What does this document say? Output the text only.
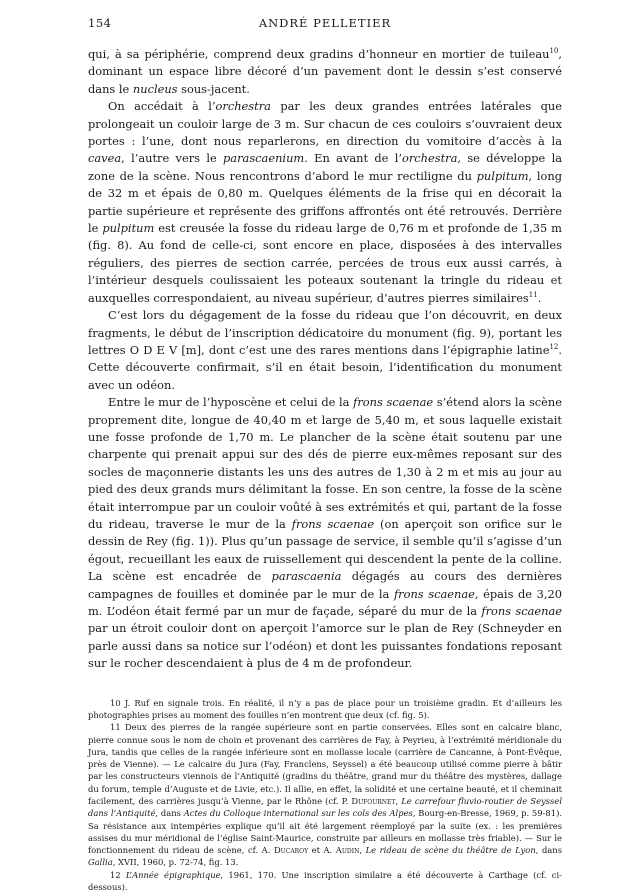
154	ANDRÉ PELLETIER

qui, à sa périphérie, comprend deux gradins d’honneur en mortier de tuileau$^{10}$, dominant un espace libre décoré d’un pavement dont le dessin s’est conservé dans le nucleus sous-jacent.

On accédait à l’orchestra par les deux grandes entrées latérales que prolongeait un couloir large de 3 m. Sur chacun de ces couloirs s’ouvraient deux portes : l’une, dont nous reparlerons, en direction du vomitoire d’accès à la cavea, l’autre vers le parascaenium. En avant de l’orchestra, se développe la zone de la scène. Nous rencontrons d’abord le mur rectiligne du pulpitum, long de 32 m et épais de 0,80 m. Quelques éléments de la frise qui en décorait la partie supérieure et représente des griffons affrontés ont été retrouvés. Derrière le pulpitum est creusée la fosse du rideau large de 0,76 m et profonde de 1,35 m (fig. 8). Au fond de celle-ci, sont encore en place, disposées à des intervalles réguliers, des pierres de section carrée, percées de trous eux aussi carrés, à l’intérieur desquels coulissaient les poteaux soutenant la tringle du rideau et auxquelles correspondaient, au niveau supérieur, d’autres pierres similaires$^{11}$.

C’est lors du dégagement de la fosse du rideau que l’on découvrit, en deux fragments, le début de l’inscription dédicatoire du monument (fig. 9), portant les lettres O D E V [m], dont c’est une des rares mentions dans l’épigraphie latine$^{12}$. Cette découverte confirmait, s’il en était besoin, l’identification du monument avec un odéon.

Entre le mur de l’hyposcène et celui de la frons scaenae s’étend alors la scène proprement dite, longue de 40,40 m et large de 5,40 m, et sous laquelle existait une fosse profonde de 1,70 m. Le plancher de la scène était soutenu par une charpente qui prenait appui sur des dés de pierre eux-mêmes reposant sur des socles de maçonnerie distants les uns des autres de 1,30 à 2 m et mis au jour au pied des deux grands murs délimitant la fosse. En son centre, la fosse de la scène était interrompue par un couloir voûté à ses extrémités et qui, partant de la fosse du rideau, traverse le mur de la frons scaenae (on aperçoit son orifice sur le dessin de Rey (fig. 1)). Plus qu’un passage de service, il semble qu’il s’agisse d’un égout, recueillant les eaux de ruissellement qui descendent la pente de la colline. La scène est encadrée de parascaenia dégagés au cours des dernières campagnes de fouilles et dominée par le mur de la frons scaenae, épais de 3,20 m. L’odéon était fermé par un mur de façade, séparé du mur de la frons scaenae par un étroit couloir dont on aperçoit l’amorce sur le plan de Rey (Schneyder en parle aussi dans sa notice sur l’odéon) et dont les puissantes fondations reposant sur le rocher descendaient à plus de 4 m de profondeur.

10 J. Ruf en signale trois. En réalité, il n’y a pas de place pour un troisième gradin. Et d’ailleurs les photographies prises au moment des fouilles n’en montrent que deux (cf. fig. 5).

11 Deux des pierres de la rangée supérieure sont en partie conservées. Elles sont en calcaire blanc, pierre connue sous le nom de choin et provenant des carrières de Fay, à Peyrieu, à l’extrémité méridionale du Jura, tandis que celles de la rangée inférieure sont en mollasse locale (carrière de Cancanne, à Pont-Évêque, près de Vienne). — Le calcaire du Jura (Fay, Franclens, Seyssel) a été beaucoup utilisé comme pierre à bâtir par les constructeurs viennois de l’Antiquité (gradins du théâtre, grand mur du théâtre des mystères, dallage du forum, temple d’Auguste et de Livie, etc.). Il allie, en effet, la solidité et une certaine beauté, et il cheminait facilement, des carrières jusqu’à Vienne, par le Rhône (cf. P. Dufournet, Le carrefour fluvio-routier de Seyssel dans l’Antiquité, dans Actes du Colloque international sur les cols des Alpes, Bourg-en-Bresse, 1969, p. 59-81). Sa résistance aux intempéries explique qu’il ait été largement réemployé par la suite (ex. : les premières assises du mur méridional de l’église Saint-Maurice, construite par ailleurs en mollasse très friable). — Sur le fonctionnement du rideau de scène, cf. A. Ducaroy et A. Audin, Le rideau de scène du théâtre de Lyon, dans Gallia, XVII, 1960, p. 72-74, fig. 13.

12 L’Année épigraphique, 1961, 170. Une inscription similaire a été découverte à Carthage (cf. ci-dessous).
